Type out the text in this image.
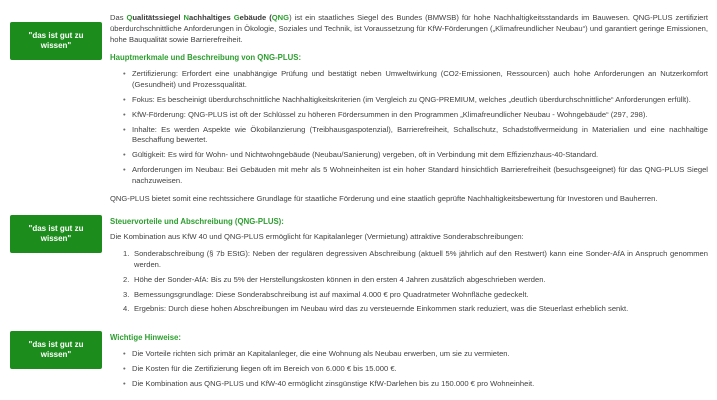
"das ist gut zu wissen"

Das Qualitätssiegel Nachhaltiges Gebäude (QNG) ist ein staatliches Siegel des Bundes (BMWSB) für hohe Nachhaltigkeitsstandards im Bauwesen. QNG-PLUS zertifiziert überdurchschnittliche Anforderungen in Ökologie, Soziales und Technik, ist Voraussetzung für KfW-Förderungen („Klimafreundlicher Neubau“) und garantiert geringe Emissionen, hohe Bauqualität sowie Barrierefreiheit.

Hauptmerkmale und Beschreibung von QNG-PLUS:
• Zertifizierung: Erfordert eine unabhängige Prüfung und bestätigt neben Umweltwirkung (CO2-Emissionen, Ressourcen) auch hohe Anforderungen an Nutzerkomfort (Gesundheit) und Prozessqualität.
• Fokus: Es bescheinigt überdurchschnittliche Nachhaltigkeitskriterien (im Vergleich zu QNG-PREMIUM, welches „deutlich überdurchschnittliche“ Anforderungen erfüllt).
• KfW-Förderung: QNG-PLUS ist oft der Schlüssel zu höheren Fördersummen in den Programmen „Klimafreundlicher Neubau - Wohngebäude“ (297, 298).
• Inhalte: Es werden Aspekte wie Ökobilanzierung (Treibhausgaspotenzial), Barrierefreiheit, Schallschutz, Schadstoffvermeidung in Materialien und eine nachhaltige Beschaffung bewertet.
• Gültigkeit: Es wird für Wohn- und Nichtwohngebäude (Neubau/Sanierung) vergeben, oft in Verbindung mit dem Effizienzhaus-40-Standard.
• Anforderungen im Neubau: Bei Gebäuden mit mehr als 5 Wohneinheiten ist ein hoher Standard hinsichtlich Barrierefreiheit (besuchsgeeignet) für das QNG-PLUS Siegel nachzuweisen.

QNG-PLUS bietet somit eine rechtssichere Grundlage für staatliche Förderung und eine staatlich geprüfte Nachhaltigkeitsbewertung für Investoren und Bauherren.

"das ist gut zu wissen"
Steuervorteile und Abschreibung (QNG-PLUS):

Die Kombination aus KfW 40 und QNG-PLUS ermöglicht für Kapitalanleger (Vermietung) attraktive Sonderabschreibungen:

Sonderabschreibung (§ 7b EStG): Neben der regulären degressiven Abschreibung (aktuell 5% jährlich auf den Restwert) kann eine Sonder-AfA in Anspruch genommen werden.
Höhe der Sonder-AfA: Bis zu 5% der Herstellungskosten können in den ersten 4 Jahren zusätzlich abgeschrieben werden.
Bemessungsgrundlage: Diese Sonderabschreibung ist auf maximal 4.000 € pro Quadratmeter Wohnfläche gedeckelt.
Ergebnis: Durch diese hohen Abschreibungen im Neubau wird das zu versteuernde Einkommen stark reduziert, was die Steuerlast erheblich senkt.
"das ist gut zu wissen"
Wichtige Hinweise:
• Die Vorteile richten sich primär an Kapitalanleger, die eine Wohnung als Neubau erwerben, um sie zu vermieten.
• Die Kosten für die Zertifizierung liegen oft im Bereich von 6.000 € bis 15.000 €.
• Die Kombination aus QNG-PLUS und KfW-40 ermöglicht zinsgünstige KfW-Darlehen bis zu 150.000 € pro Wohneinheit.
